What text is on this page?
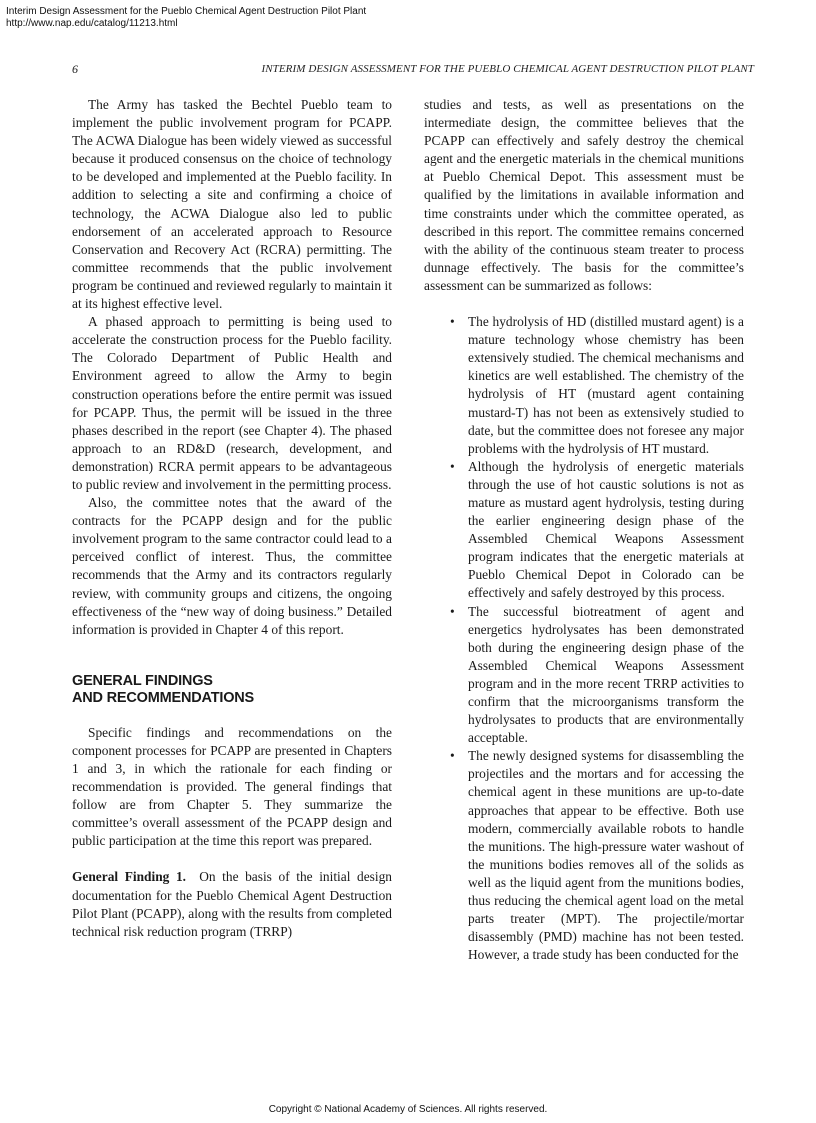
Interim Design Assessment for the Pueblo Chemical Agent Destruction Pilot Plant
http://www.nap.edu/catalog/11213.html
6	INTERIM DESIGN ASSESSMENT FOR THE PUEBLO CHEMICAL AGENT DESTRUCTION PILOT PLANT

The Army has tasked the Bechtel Pueblo team to implement the public involvement program for PCAPP. The ACWA Dialogue has been widely viewed as successful because it produced consensus on the choice of technology to be developed and implemented at the Pueblo facility. In addition to selecting a site and confirming a choice of technology, the ACWA Dialogue also led to public endorsement of an accelerated approach to Resource Conservation and Recovery Act (RCRA) permitting. The committee recommends that the public involvement program be continued and reviewed regularly to maintain it at its highest effective level.

A phased approach to permitting is being used to accelerate the construction process for the Pueblo facility. The Colorado Department of Public Health and Environment agreed to allow the Army to begin construction operations before the entire permit was issued for PCAPP. Thus, the permit will be issued in the three phases described in the report (see Chapter 4). The phased approach to an RD&D (research, development, and demonstration) RCRA permit appears to be advantageous to public review and involvement in the permitting process.

Also, the committee notes that the award of the contracts for the PCAPP design and for the public involvement program to the same contractor could lead to a perceived conflict of interest. Thus, the committee recommends that the Army and its contractors regularly review, with community groups and citizens, the ongoing effectiveness of the “new way of doing business.” Detailed information is provided in Chapter 4 of this report.

GENERAL FINDINGS
AND RECOMMENDATIONS

Specific findings and recommendations on the component processes for PCAPP are presented in Chapters 1 and 3, in which the rationale for each finding or recommendation is provided. The general findings that follow are from Chapter 5. They summarize the committee’s overall assessment of the PCAPP design and public participation at the time this report was prepared.

General Finding 1. On the basis of the initial design documentation for the Pueblo Chemical Agent Destruction Pilot Plant (PCAPP), along with the results from completed technical risk reduction program (TRRP)

studies and tests, as well as presentations on the intermediate design, the committee believes that the PCAPP can effectively and safely destroy the chemical agent and the energetic materials in the chemical munitions at Pueblo Chemical Depot. This assessment must be qualified by the limitations in available information and time constraints under which the committee operated, as described in this report. The committee remains concerned with the ability of the continuous steam treater to process dunnage effectively. The basis for the committee’s assessment can be summarized as follows:

• The hydrolysis of HD (distilled mustard agent) is a mature technology whose chemistry has been extensively studied. The chemical mechanisms and kinetics are well established. The chemistry of the hydrolysis of HT (mustard agent containing mustard-T) has not been as extensively studied to date, but the committee does not foresee any major problems with the hydrolysis of HT mustard.
• Although the hydrolysis of energetic materials through the use of hot caustic solutions is not as mature as mustard agent hydrolysis, testing during the earlier engineering design phase of the Assembled Chemical Weapons Assessment program indicates that the energetic materials at Pueblo Chemical Depot in Colorado can be effectively and safely destroyed by this process.
• The successful biotreatment of agent and energetics hydrolysates has been demonstrated both during the engineering design phase of the Assembled Chemical Weapons Assessment program and in the more recent TRRP activities to confirm that the microorganisms transform the hydrolysates to products that are environmentally acceptable.
• The newly designed systems for disassembling the projectiles and the mortars and for accessing the chemical agent in these munitions are up-to-date approaches that appear to be effective. Both use modern, commercially available robots to handle the munitions. The high-pressure water washout of the munitions bodies removes all of the solids as well as the liquid agent from the munitions bodies, thus reducing the chemical agent load on the metal parts treater (MPT). The projectile/mortar disassembly (PMD) machine has not been tested. However, a trade study has been conducted for the
Copyright © National Academy of Sciences. All rights reserved.
